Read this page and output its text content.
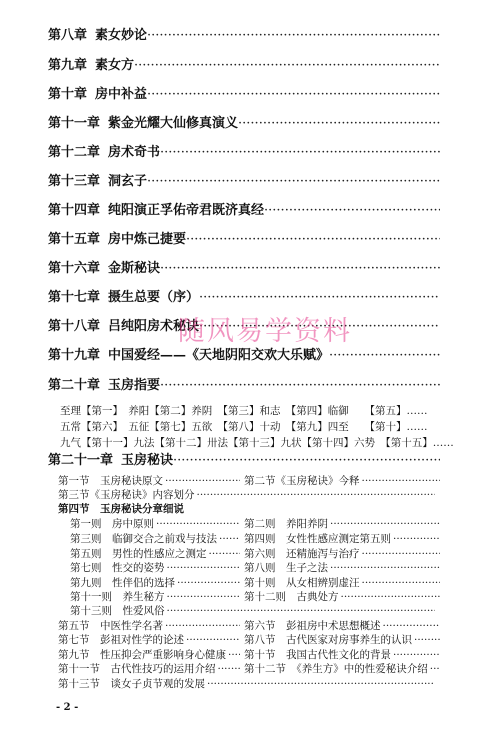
第八章 素女妙论
·····
第九章 素女方
·····
第十章 房中补益
·····
第十一章 紫金光耀大仙修真演义
·····
第十二章 房术奇书
·····
第十三章 洞玄子
·····
第十四章 纯阳演正孚佑帝君既济真经
·····
第十五章 房中炼己捷要
·····
第十六章 金斯秘诀
·····
第十七章 摄生总要（序）
·····
第十八章 吕纯阳房术秘诀
·····
第十九章 中国爱经——《天地阴阳交欢大乐赋》
·····
第二十章 玉房指要
·····
至理【第一】　养阳【第二】养阴　【第三】和志　【第四】临御　　【第五】……
五常【第六】　五征【第七】五欲　【第八】十动　【第九】四至　　【第十】……
九气【第十一】九法【第十二】卅法【第十三】九状【第十四】六势　【第十五】……
第二十一章 玉房秘诀
·····
第一节　玉房秘诀原文 ·····	第二节《玉房秘诀》今释
·····
第三节《玉房秘诀》内容划分
·····
第四节　玉房秘诀分章细说
第一则　房中原则 ·····	第二则　养阳养阴
·····
第三则　临御交合之前戏与技法 ·····	第四则　女性性感应测定第五则
·····
第五则　男性的性感应之测定 ·····	第六则　还精施泻与治疗
·····
第七则　性交的姿势 ·····	第八则　生子之法
·····
第九则　性伴侣的选择 ·····	第十则　从女相辨别虚汪
·····
第十一则　养生秘方 ·····	第十二则　古典处方
·····
第十三则　性爱风俗
·····
第五节　中医性学名著 ·····	第六节　彭祖房中术思想概述
·····
第七节　彭祖对性学的论述 ·····	第八节　古代医家对房事养生的认识
·····
第九节　性压抑会严重影响身心健康 ····· 第十节　我国古代性文化的背景
·····
第十一节　古代性技巧的运用介绍 ·····	第十二节　《养生方》中的性爱秘诀介绍
·····
第十三节　谈女子贞节观的发展
·····
随风易学资料
- 2 -
